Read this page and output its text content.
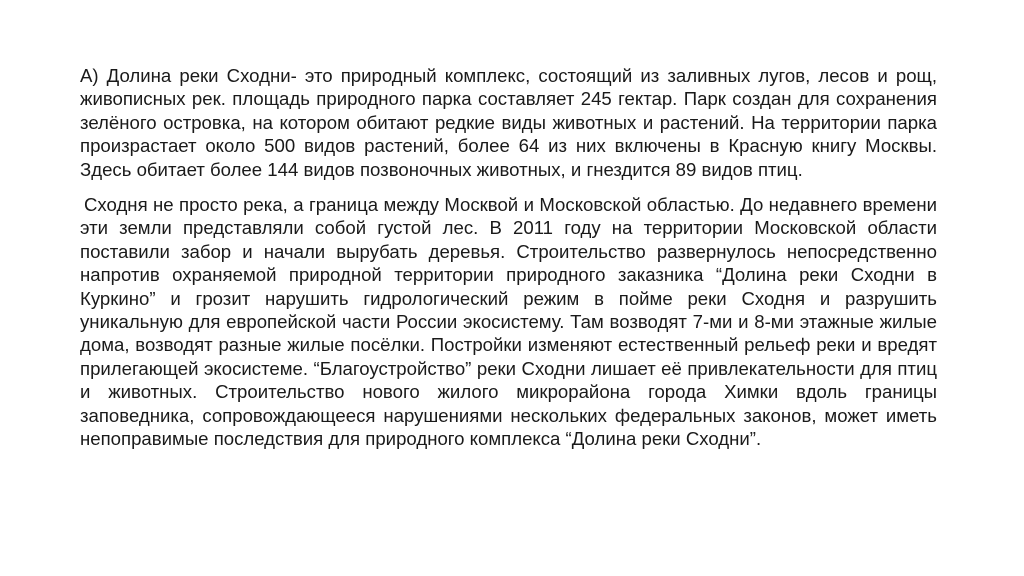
А) Долина реки Сходни- это природный комплекс, состоящий из заливных лугов, лесов и рощ, живописных рек. площадь природного парка составляет 245 гектар. Парк создан для сохранения зелёного островка, на котором обитают редкие виды животных и растений. На территории парка произрастает около 500 видов растений, более 64 из них включены в Красную книгу Москвы. Здесь обитает более 144 видов позвоночных животных, и гнездится 89 видов птиц.

Сходня не просто река, а граница между Москвой и Московской областью. До недавнего времени эти земли представляли собой густой лес. В 2011 году на территории Московской области поставили забор и начали вырубать деревья. Строительство развернулось непосредственно напротив охраняемой природной территории природного заказника “Долина реки Сходни в Куркино” и грозит нарушить гидрологический режим в пойме реки Сходня и разрушить уникальную для европейской части России экосистему. Там возводят 7-ми и 8-ми этажные жилые дома, возводят разные жилые посёлки. Постройки изменяют естественный рельеф реки и вредят прилегающей экосистеме. “Благоустройство” реки Сходни лишает её привлекательности для птиц и животных. Строительство нового жилого микрорайона города Химки вдоль границы заповедника, сопровождающееся нарушениями нескольких федеральных законов, может иметь непоправимые последствия для природного комплекса “Долина реки Сходни”.
